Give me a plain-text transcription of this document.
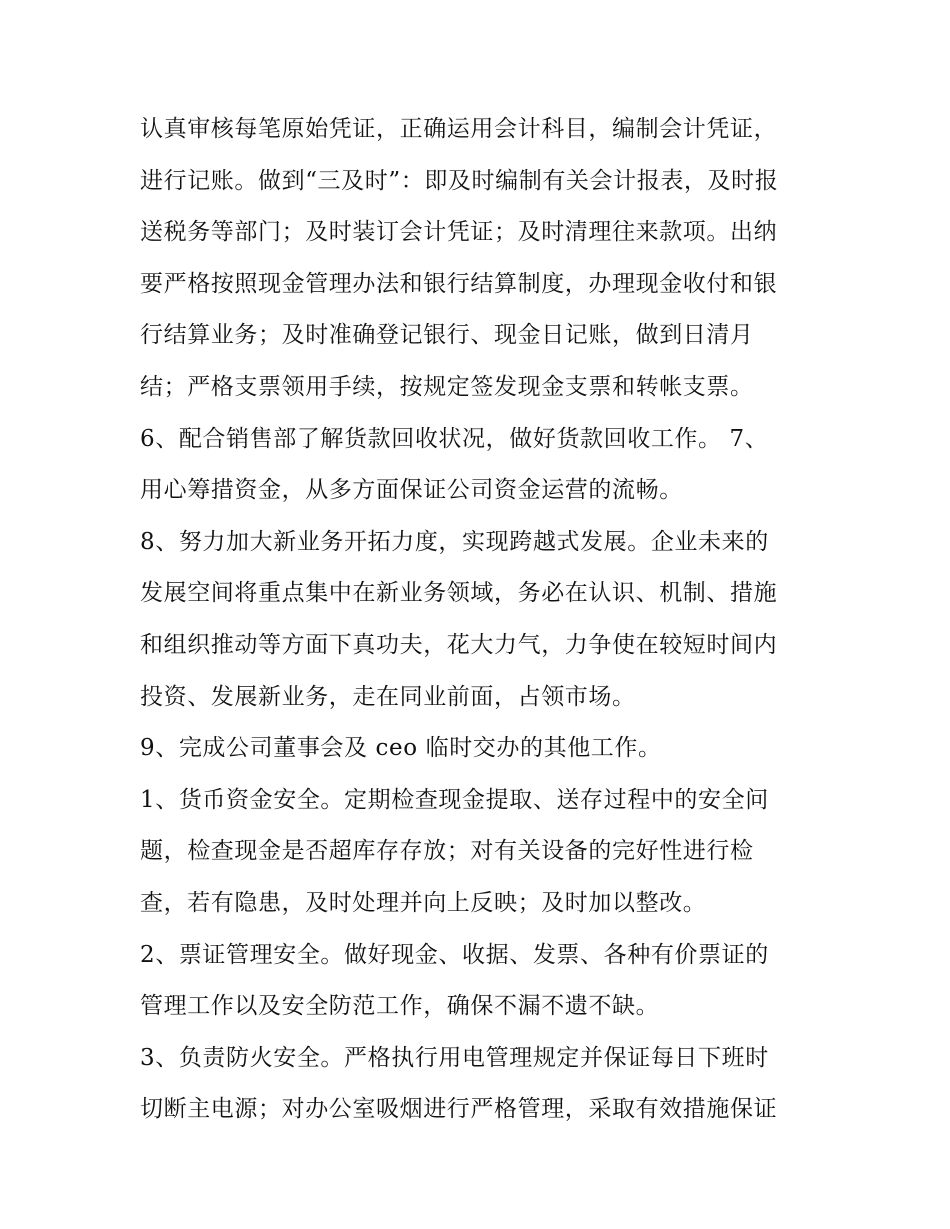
认真审核每笔原始凭证，正确运用会计科目，编制会计凭证，
进行记账。做到“三及时”：即及时编制有关会计报表，及时报
送税务等部门；及时装订会计凭证；及时清理往来款项。出纳
要严格按照现金管理办法和银行结算制度，办理现金收付和银
行结算业务；及时准确登记银行、现金日记账，做到日清月
结；严格支票领用手续，按规定签发现金支票和转帐支票。
6、配合销售部了解货款回收状况，做好货款回收工作。 7、
用心筹措资金，从多方面保证公司资金运营的流畅。
8、努力加大新业务开拓力度，实现跨越式发展。企业未来的
发展空间将重点集中在新业务领域，务必在认识、机制、措施
和组织推动等方面下真功夫，花大力气，力争使在较短时间内
投资、发展新业务，走在同业前面，占领市场。
9、完成公司董事会及 ceo 临时交办的其他工作。
1、货币资金安全。定期检查现金提取、送存过程中的安全问
题，检查现金是否超库存存放；对有关设备的完好性进行检
查，若有隐患，及时处理并向上反映；及时加以整改。
2、票证管理安全。做好现金、收据、发票、各种有价票证的
管理工作以及安全防范工作，确保不漏不遗不缺。
3、负责防火安全。严格执行用电管理规定并保证每日下班时
切断主电源；对办公室吸烟进行严格管理，采取有效措施保证
